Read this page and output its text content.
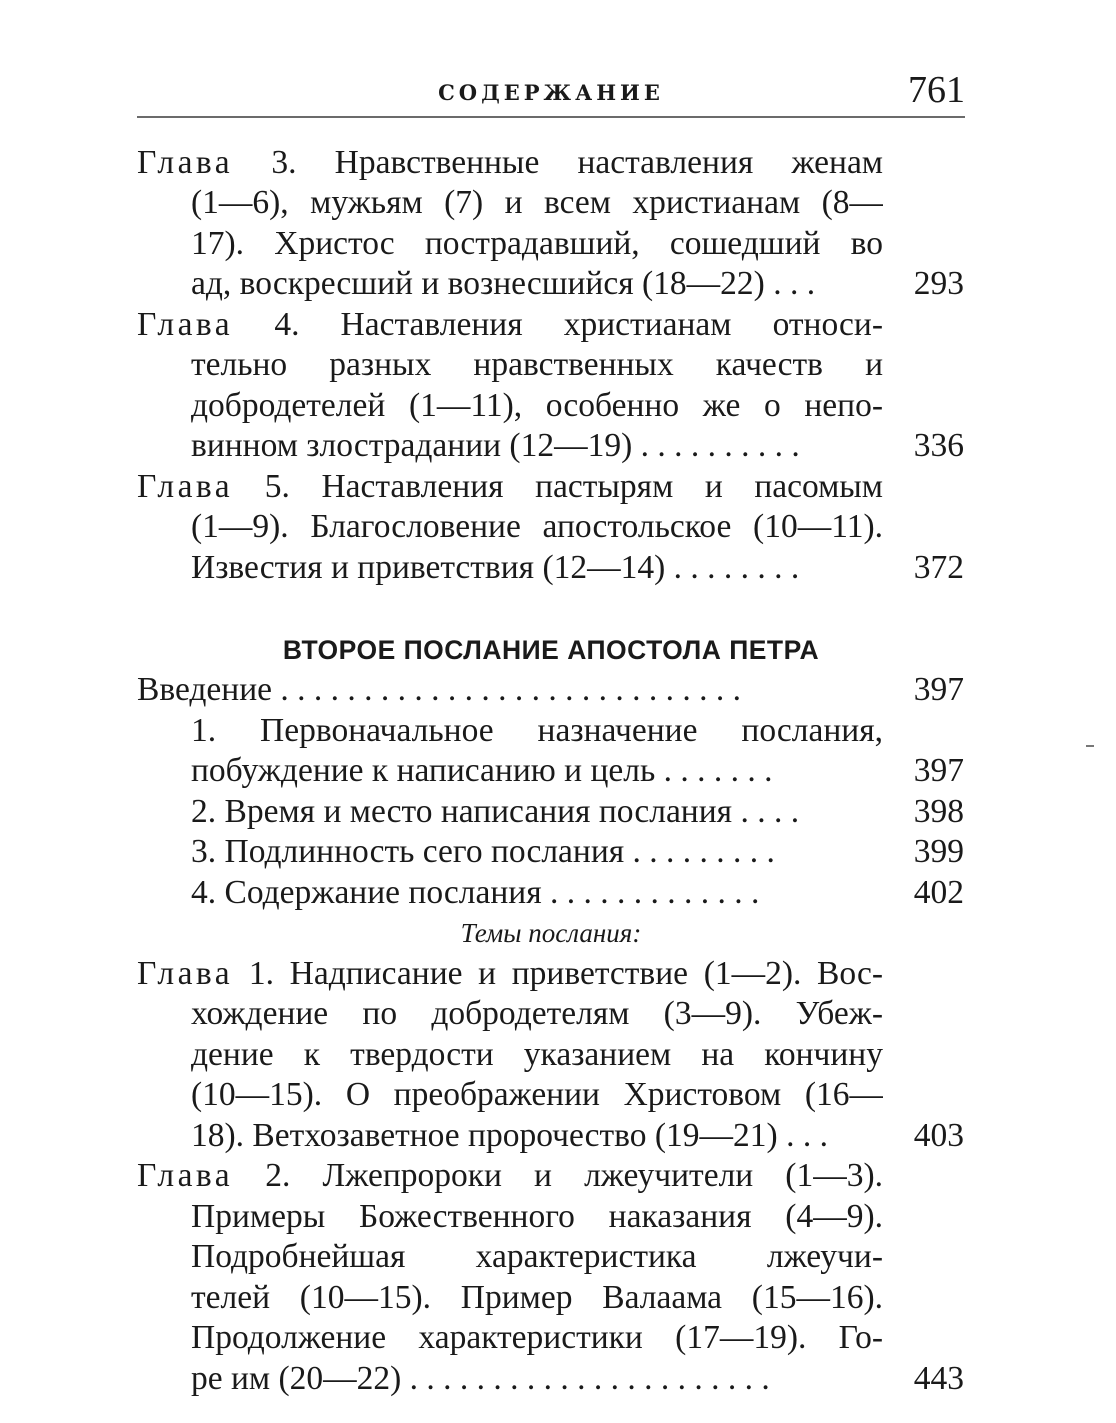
СОДЕРЖАНИЕ	761
Глава 3. Нравственные наставления женам
(1—6), мужьям (7) и всем христианам (8—
17). Христос пострадавший, сошедший во
ад, воскресший и вознесшийся (18—22) . . .	293
Глава 4. Наставления христианам относи-
тельно разных нравственных качеств и
добродетелей (1—11), особенно же о непо-
винном злострадании (12—19) . . . . . . . . . .	336
Глава 5. Наставления пастырям и пасомым
(1—9). Благословение апостольское (10—11).
Известия и приветствия (12—14) . . . . . . . .	372
ВТОРОЕ ПОСЛАНИЕ АПОСТОЛА ПЕТРА
Введение . . . . . . . . . . . . . . . . . . . . . . . . . . . .	397
1. Первоначальное назначение послания,
побуждение к написанию и цель . . . . . . .	397
2. Время и место написания послания . . . .	398
3. Подлинность сего послания . . . . . . . . .	399
4. Содержание послания . . . . . . . . . . . . .	402
Темы послания:
Глава 1. Надписание и приветствие (1—2). Вос-
хождение по добродетелям (3—9). Убеж-
дение к твердости указанием на кончину
(10—15). О преображении Христовом (16—
18). Ветхозаветное пророчество (19—21) . . .	403
Глава 2. Лжепророки и лжеучители (1—3).
Примеры Божественного наказания (4—9).
Подробнейшая характеристика лжеучи-
телей (10—15). Пример Валаама (15—16).
Продолжение характеристики (17—19). Го-
ре им (20—22) . . . . . . . . . . . . . . . . . . . . . .	443
